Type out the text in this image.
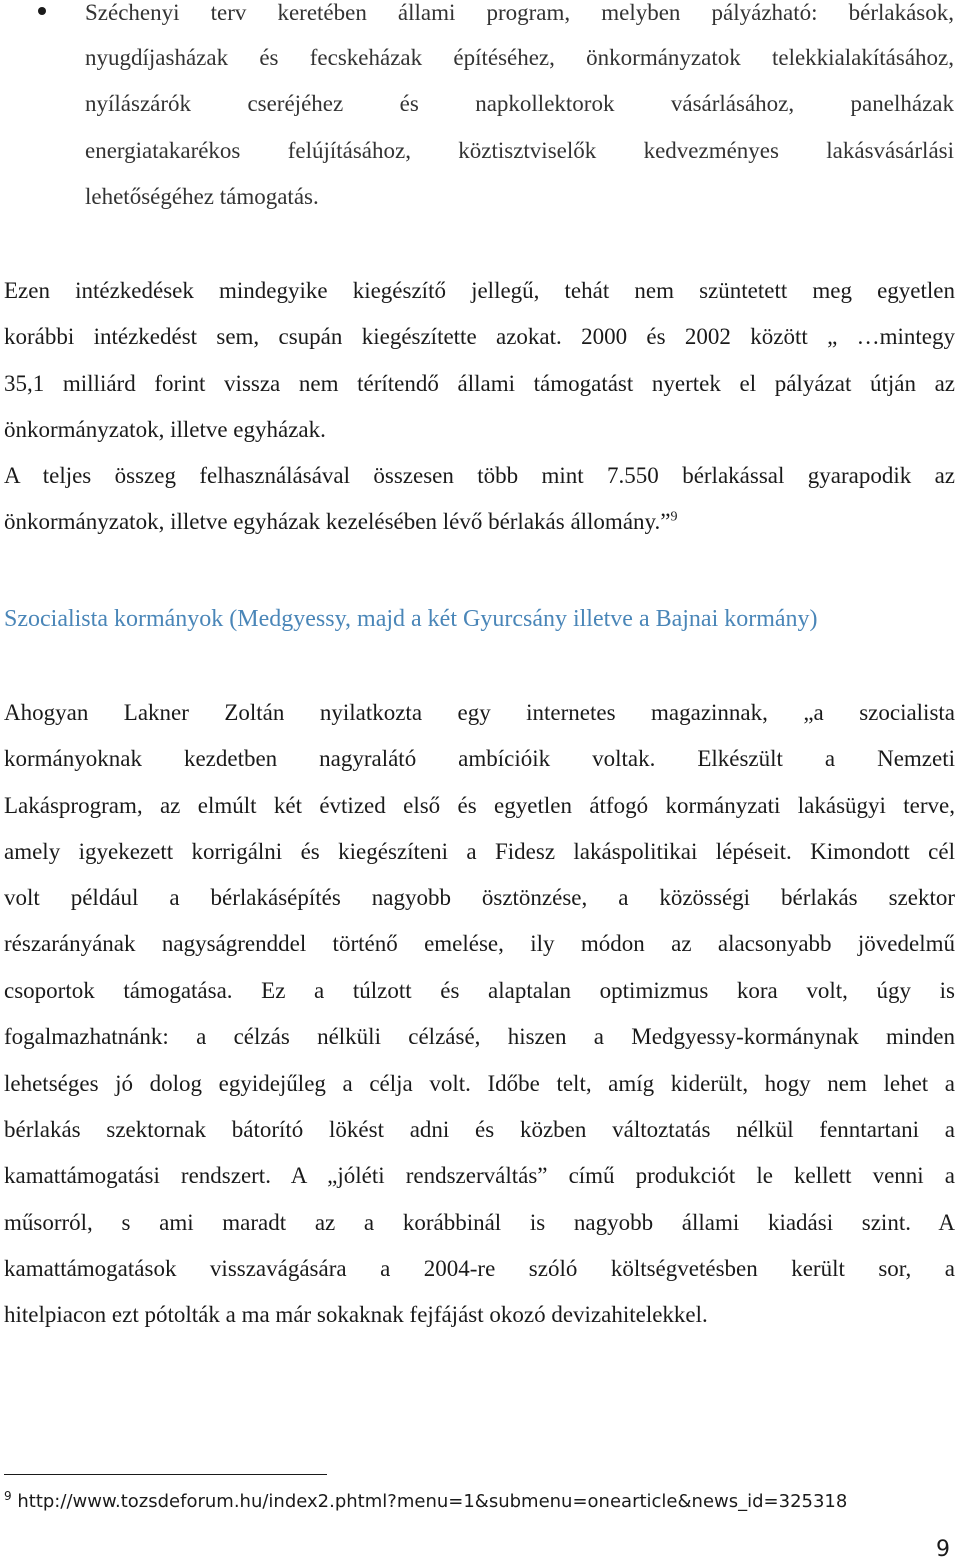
Széchenyi terv keretében állami program, melyben pályázható: bérlakások,
nyugdíjasházak és fecskeházak építéséhez, önkormányzatok telekkialakításához,
nyílászárók cseréjéhez és napkollektorok vásárlásához, panelházak
energiatakarékos felújításához, köztisztviselők kedvezményes lakásvásárlási
lehetőségéhez támogatás.
Ezen intézkedések mindegyike kiegészítő jellegű, tehát nem szüntetett meg egyetlen
korábbi intézkedést sem, csupán kiegészítette azokat. 2000 és 2002 között „ …mintegy
35,1 milliárd forint vissza nem térítendő állami támogatást nyertek el pályázat útján az
önkormányzatok, illetve egyházak.
A teljes összeg felhasználásával összesen több mint 7.550 bérlakással gyarapodik az
önkormányzatok, illetve egyházak kezelésében lévő bérlakás állomány.”$^9$
Szocialista kormányok (Medgyessy, majd a két Gyurcsány illetve a Bajnai kormány)
Ahogyan Lakner Zoltán nyilatkozta egy internetes magazinnak, „a szocialista
kormányoknak kezdetben nagyralátó ambícióik voltak. Elkészült a Nemzeti
Lakásprogram, az elmúlt két évtized első és egyetlen átfogó kormányzati lakásügyi terve,
amely igyekezett korrigálni és kiegészíteni a Fidesz lakáspolitikai lépéseit. Kimondott cél
volt például a bérlakásépítés nagyobb ösztönzése, a közösségi bérlakás szektor
részarányának nagyságrenddel történő emelése, ily módon az alacsonyabb jövedelmű
csoportok támogatása. Ez a túlzott és alaptalan optimizmus kora volt, úgy is
fogalmazhatnánk: a célzás nélküli célzásé, hiszen a Medgyessy-kormánynak minden
lehetséges jó dolog egyidejűleg a célja volt. Időbe telt, amíg kiderült, hogy nem lehet a
bérlakás szektornak bátorító lökést adni és közben változtatás nélkül fenntartani a
kamattámogatási rendszert. A „jóléti rendszerváltás” című produkciót le kellett venni a
műsorról, s ami maradt az a korábbinál is nagyobb állami kiadási szint. A
kamattámogatások visszavágására a 2004-re szóló költségvetésben került sor, a
hitelpiacon ezt pótolták a ma már sokaknak fejfájást okozó devizahitelekkel.
$^9$ http://www.tozsdeforum.hu/index2.phtml?menu=1&submenu=onearticle&news_id=325318
9
